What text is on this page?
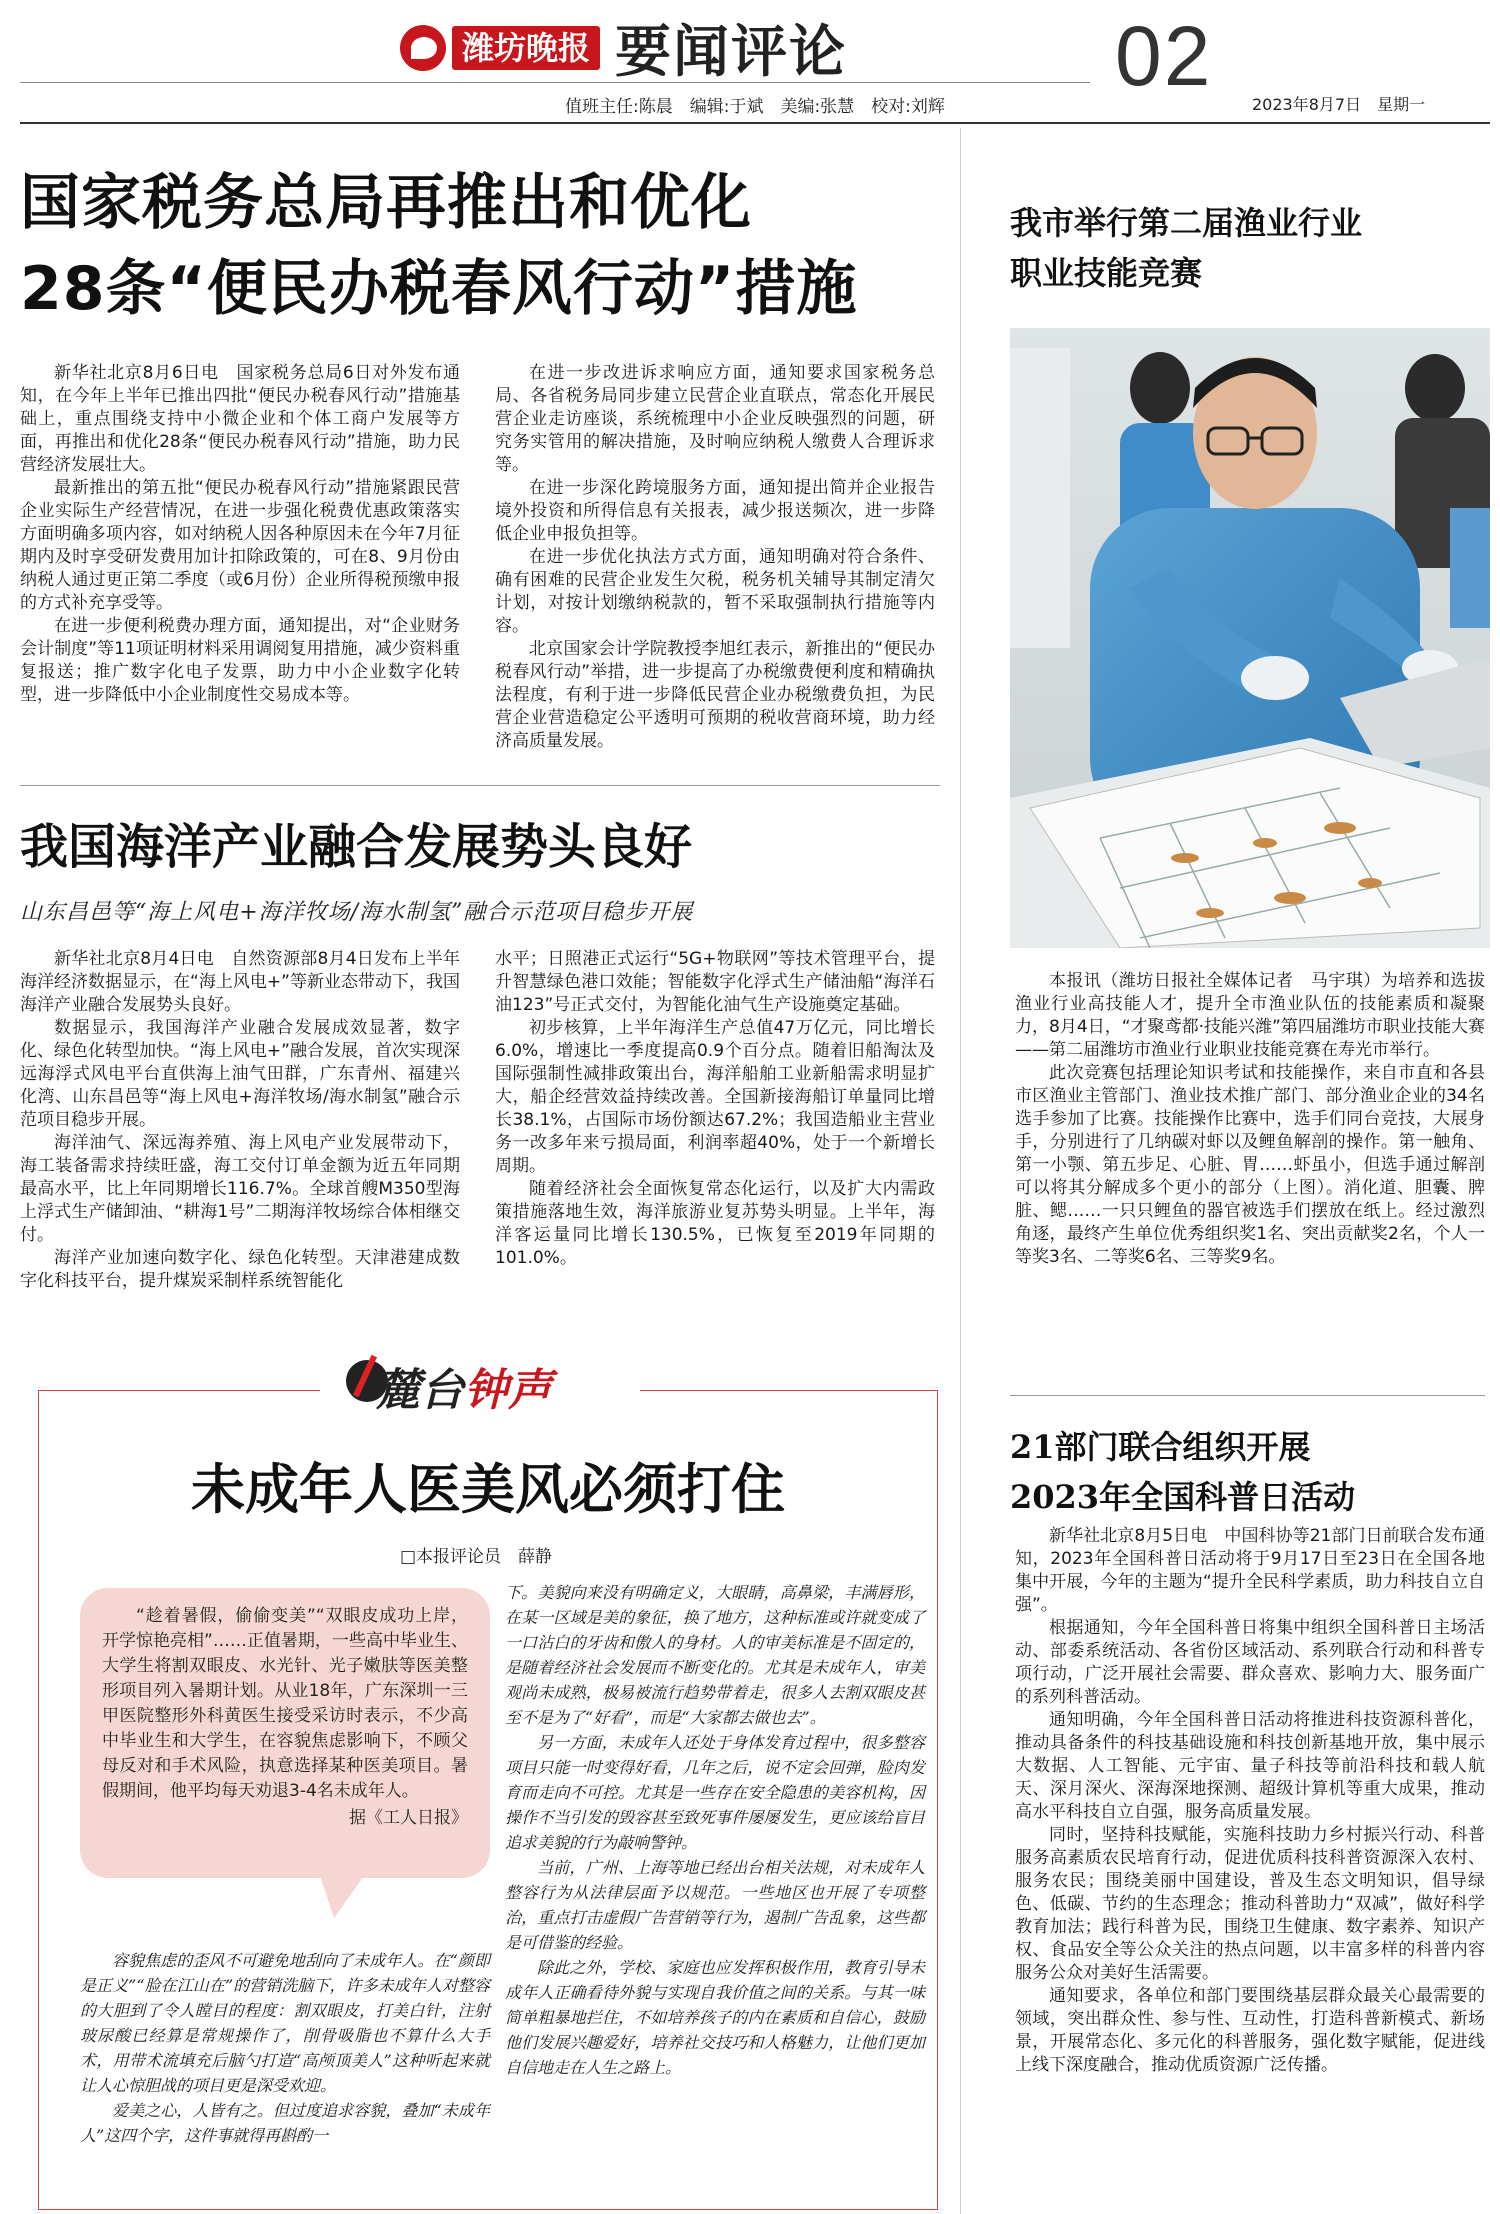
潍坊晚报 要闻评论	02
值班主任:陈晨　编辑:于斌　美编:张慧　校对:刘辉	2023年8月7日　星期一
国家税务总局再推出和优化
28条“便民办税春风行动”措施

新华社北京8月6日电　国家税务总局6日对外发布通知，在今年上半年已推出四批“便民办税春风行动”措施基础上，重点围绕支持中小微企业和个体工商户发展等方面，再推出和优化28条“便民办税春风行动”措施，助力民营经济发展壮大。

最新推出的第五批“便民办税春风行动”措施紧跟民营企业实际生产经营情况，在进一步强化税费优惠政策落实方面明确多项内容，如对纳税人因各种原因未在今年7月征期内及时享受研发费用加计扣除政策的，可在8、9月份由纳税人通过更正第二季度（或6月份）企业所得税预缴申报的方式补充享受等。

在进一步便利税费办理方面，通知提出，对“企业财务会计制度”等11项证明材料采用调阅复用措施，减少资料重复报送；推广数字化电子发票，助力中小企业数字化转型，进一步降低中小企业制度性交易成本等。

在进一步改进诉求响应方面，通知要求国家税务总局、各省税务局同步建立民营企业直联点，常态化开展民营企业走访座谈，系统梳理中小企业反映强烈的问题，研究务实管用的解决措施，及时响应纳税人缴费人合理诉求等。

在进一步深化跨境服务方面，通知提出简并企业报告境外投资和所得信息有关报表，减少报送频次，进一步降低企业申报负担等。

在进一步优化执法方式方面，通知明确对符合条件、确有困难的民营企业发生欠税，税务机关辅导其制定清欠计划，对按计划缴纳税款的，暂不采取强制执行措施等内容。

北京国家会计学院教授李旭红表示，新推出的“便民办税春风行动”举措，进一步提高了办税缴费便利度和精确执法程度，有利于进一步降低民营企业办税缴费负担，为民营企业营造稳定公平透明可预期的税收营商环境，助力经济高质量发展。

我国海洋产业融合发展势头良好
山东昌邑等“海上风电+海洋牧场/海水制氢”融合示范项目稳步开展

新华社北京8月4日电　自然资源部8月4日发布上半年海洋经济数据显示，在“海上风电+”等新业态带动下，我国海洋产业融合发展势头良好。

数据显示，我国海洋产业融合发展成效显著，数字化、绿色化转型加快。“海上风电+”融合发展，首次实现深远海浮式风电平台直供海上油气田群，广东青州、福建兴化湾、山东昌邑等“海上风电+海洋牧场/海水制氢”融合示范项目稳步开展。

海洋油气、深远海养殖、海上风电产业发展带动下，海工装备需求持续旺盛，海工交付订单金额为近五年同期最高水平，比上年同期增长116.7%。全球首艘M350型海上浮式生产储卸油、“耕海1号”二期海洋牧场综合体相继交付。

海洋产业加速向数字化、绿色化转型。天津港建成数字化科技平台，提升煤炭采制样系统智能化

水平；日照港正式运行“5G+物联网”等技术管理平台，提升智慧绿色港口效能；智能数字化浮式生产储油船“海洋石油123”号正式交付，为智能化油气生产设施奠定基础。

初步核算，上半年海洋生产总值47万亿元，同比增长6.0%，增速比一季度提高0.9个百分点。随着旧船淘汰及国际强制性减排政策出台，海洋船舶工业新船需求明显扩大，船企经营效益持续改善。全国新接海船订单量同比增长38.1%，占国际市场份额达67.2%；我国造船业主营业务一改多年来亏损局面，利润率超40%，处于一个新增长周期。

随着经济社会全面恢复常态化运行，以及扩大内需政策措施落地生效，海洋旅游业复苏势头明显。上半年，海洋客运量同比增长130.5%，已恢复至2019年同期的101.0%。

麓台钟声
未成年人医美风必须打住
□本报评论员　薛静

“趁着暑假，偷偷变美”“双眼皮成功上岸，开学惊艳亮相”……正值暑期，一些高中毕业生、大学生将割双眼皮、水光针、光子嫩肤等医美整形项目列入暑期计划。从业18年，广东深圳一三甲医院整形外科黄医生接受采访时表示，不少高中毕业生和大学生，在容貌焦虑影响下，不顾父母反对和手术风险，执意选择某种医美项目。暑假期间，他平均每天劝退3-4名未成年人。

据《工人日报》

容貌焦虑的歪风不可避免地刮向了未成年人。在“颜即是正义”“脸在江山在”的营销洗脑下，许多未成年人对整容的大胆到了令人瞠目的程度：割双眼皮，打美白针，注射玻尿酸已经算是常规操作了，削骨吸脂也不算什么大手术，用带术流填充后脑勺打造“高颅顶美人”这种听起来就让人心惊胆战的项目更是深受欢迎。

爱美之心，人皆有之。但过度追求容貌，叠加“未成年人”这四个字，这件事就得再斟酌一

下。美貌向来没有明确定义，大眼睛，高鼻梁，丰满唇形，在某一区域是美的象征，换了地方，这种标准或许就变成了一口沾白的牙齿和傲人的身材。人的审美标准是不固定的，是随着经济社会发展而不断变化的。尤其是未成年人，审美观尚未成熟，极易被流行趋势带着走，很多人去割双眼皮甚至不是为了“好看”，而是“大家都去做也去”。

另一方面，未成年人还处于身体发育过程中，很多整容项目只能一时变得好看，几年之后，说不定会回弹，脸肉发育而走向不可控。尤其是一些存在安全隐患的美容机构，因操作不当引发的毁容甚至致死事件屡屡发生，更应该给盲目追求美貌的行为敲响警钟。

当前，广州、上海等地已经出台相关法规，对未成年人整容行为从法律层面予以规范。一些地区也开展了专项整治，重点打击虚假广告营销等行为，遏制广告乱象，这些都是可借鉴的经验。

除此之外，学校、家庭也应发挥积极作用，教育引导未成年人正确看待外貌与实现自我价值之间的关系。与其一味简单粗暴地拦住，不如培养孩子的内在素质和自信心，鼓励他们发展兴趣爱好，培养社交技巧和人格魅力，让他们更加自信地走在人生之路上。

我市举行第二届渔业行业
职业技能竞赛

本报讯（潍坊日报社全媒体记者　马宇琪）为培养和选拔渔业行业高技能人才，提升全市渔业队伍的技能素质和凝聚力，8月4日，“才聚鸢都·技能兴潍”第四届潍坊市职业技能大赛——第二届潍坊市渔业行业职业技能竞赛在寿光市举行。

此次竞赛包括理论知识考试和技能操作，来自市直和各县市区渔业主管部门、渔业技术推广部门、部分渔业企业的34名选手参加了比赛。技能操作比赛中，选手们同台竞技，大展身手，分别进行了几纳碳对虾以及鲤鱼解剖的操作。第一触角、第一小颚、第五步足、心脏、胃……虾虽小，但选手通过解剖可以将其分解成多个更小的部分（上图）。消化道、胆囊、脾脏、鳃……一只只鲤鱼的器官被选手们摆放在纸上。经过激烈角逐，最终产生单位优秀组织奖1名、突出贡献奖2名，个人一等奖3名、二等奖6名、三等奖9名。

21部门联合组织开展
2023年全国科普日活动

新华社北京8月5日电　中国科协等21部门日前联合发布通知，2023年全国科普日活动将于9月17日至23日在全国各地集中开展，今年的主题为“提升全民科学素质，助力科技自立自强”。

根据通知，今年全国科普日将集中组织全国科普日主场活动、部委系统活动、各省份区域活动、系列联合行动和科普专项行动，广泛开展社会需要、群众喜欢、影响力大、服务面广的系列科普活动。

通知明确，今年全国科普日活动将推进科技资源科普化，推动具备条件的科技基础设施和科技创新基地开放，集中展示大数据、人工智能、元宇宙、量子科技等前沿科技和载人航天、深月深火、深海深地探测、超级计算机等重大成果，推动高水平科技自立自强，服务高质量发展。

同时，坚持科技赋能，实施科技助力乡村振兴行动、科普服务高素质农民培育行动，促进优质科技科普资源深入农村、服务农民；围绕美丽中国建设，普及生态文明知识，倡导绿色、低碳、节约的生态理念；推动科普助力“双减”，做好科学教育加法；践行科普为民，围绕卫生健康、数字素养、知识产权、食品安全等公众关注的热点问题，以丰富多样的科普内容服务公众对美好生活需要。

通知要求，各单位和部门要围绕基层群众最关心最需要的领域，突出群众性、参与性、互动性，打造科普新模式、新场景，开展常态化、多元化的科普服务，强化数字赋能，促进线上线下深度融合，推动优质资源广泛传播。
